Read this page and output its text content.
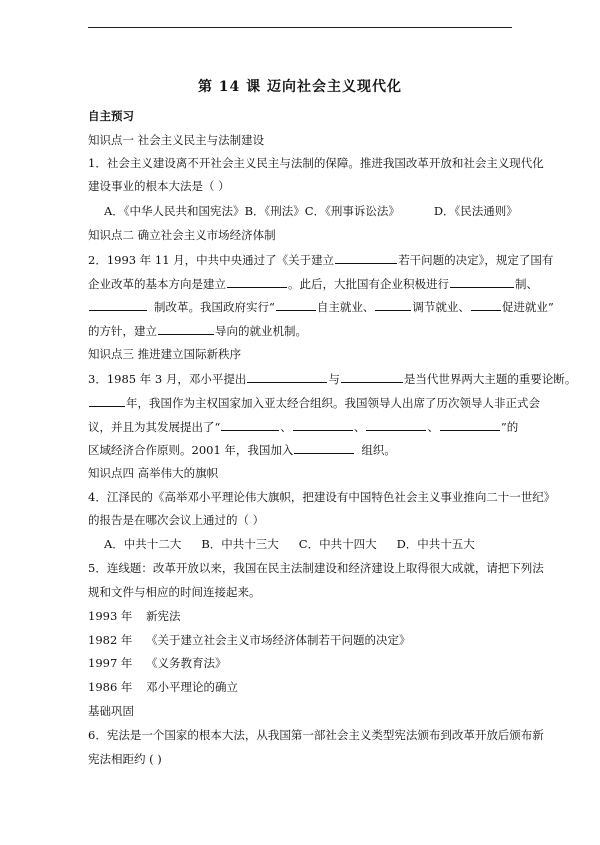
第 14 课 迈向社会主义现代化
自主预习
知识点一 社会主义民主与法制建设
1．社会主义建设离不开社会主义民主与法制的保障。推进我国改革开放和社会主义现代化
建设事业的根本大法是（ ）
A．《中华人民共和国宪法》B．《刑法》C．《刑事诉讼法》	D．《民法通则》
知识点二 确立社会主义市场经济体制
2．1993 年 11 月，中共中央通过了《关于建立	若干问题的决定》，规定了国有
企业改革的基本方向是建立	。此后，大批国有企业积极进行	制、
制改革。我国政府实行“	自主就业、	调节就业、	促进就业”
的方针，建立	导向的就业机制。
知识点三 推进建立国际新秩序
3．1985 年 3 月，邓小平提出	与	是当代世界两大主题的重要论断。
年，我国作为主权国家加入亚太经合组织。我国领导人出席了历次领导人非正式会
议，并且为其发展提出了“	、	、	、	”的
区域经济合作原则。2001 年，我国加入	组织。
知识点四 高举伟大的旗帜
4．江泽民的《高举邓小平理论伟大旗帜，把建设有中国特色社会主义事业推向二十一世纪》
的报告是在哪次会议上通过的（ ）
A．中共十二大 B．中共十三大 C．中共十四大 D．中共十五大
5．连线题：改革开放以来，我国在民主法制建设和经济建设上取得很大成就，请把下列法
规和文件与相应的时间连接起来。
1993 年 新宪法
1982 年 《关于建立社会主义市场经济体制若干问题的决定》
1997 年 《义务教育法》
1986 年 邓小平理论的确立
基础巩固
6．宪法是一个国家的根本大法，从我国第一部社会主义类型宪法颁布到改革开放后颁布新
宪法相距约 ( )
